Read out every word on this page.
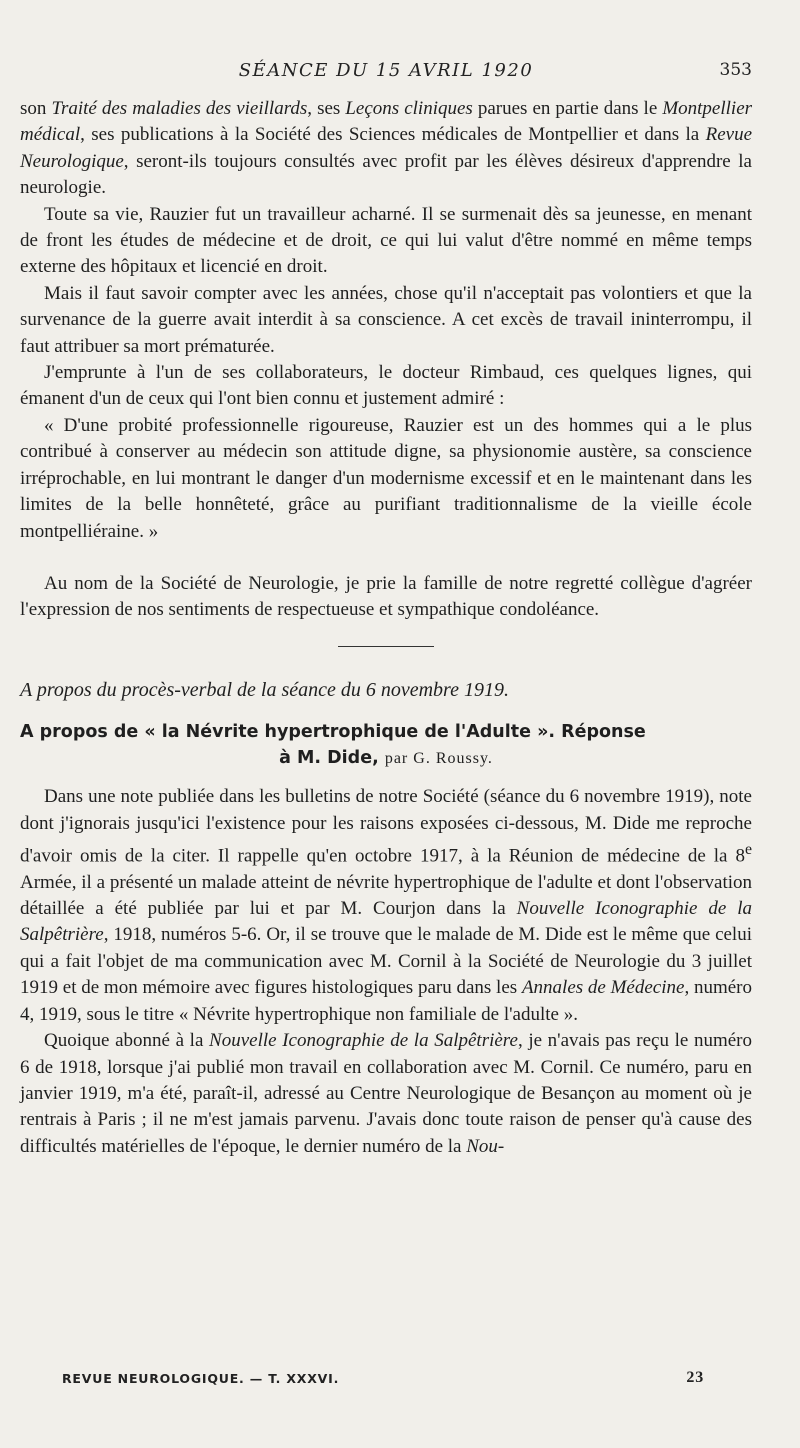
SÉANCE DU 15 AVRIL 1920	353

son Traité des maladies des vieillards, ses Leçons cliniques parues en partie dans le Montpellier médical, ses publications à la Société des Sciences médicales de Montpellier et dans la Revue Neurologique, seront-ils toujours consultés avec profit par les élèves désireux d'apprendre la neurologie.

Toute sa vie, Rauzier fut un travailleur acharné. Il se surmenait dès sa jeunesse, en menant de front les études de médecine et de droit, ce qui lui valut d'être nommé en même temps externe des hôpitaux et licencié en droit.

Mais il faut savoir compter avec les années, chose qu'il n'acceptait pas volontiers et que la survenance de la guerre avait interdit à sa conscience. A cet excès de travail ininterrompu, il faut attribuer sa mort prématurée.

J'emprunte à l'un de ses collaborateurs, le docteur Rimbaud, ces quelques lignes, qui émanent d'un de ceux qui l'ont bien connu et justement admiré :

« D'une probité professionnelle rigoureuse, Rauzier est un des hommes qui a le plus contribué à conserver au médecin son attitude digne, sa physionomie austère, sa conscience irréprochable, en lui montrant le danger d'un modernisme excessif et en le maintenant dans les limites de la belle honnêteté, grâce au purifiant traditionnalisme de la vieille école montpelliéraine. »

Au nom de la Société de Neurologie, je prie la famille de notre regretté collègue d'agréer l'expression de nos sentiments de respectueuse et sympathique condoléance.

A propos du procès-verbal de la séance du 6 novembre 1919.

A propos de « la Névrite hypertrophique de l'Adulte ». Réponse
à M. Dide, par G. Roussy.

Dans une note publiée dans les bulletins de notre Société (séance du 6 novembre 1919), note dont j'ignorais jusqu'ici l'existence pour les raisons exposées ci-dessous, M. Dide me reproche d'avoir omis de la citer. Il rappelle qu'en octobre 1917, à la Réunion de médecine de la 8e Armée, il a présenté un malade atteint de névrite hypertrophique de l'adulte et dont l'observation détaillée a été publiée par lui et par M. Courjon dans la Nouvelle Iconographie de la Salpêtrière, 1918, numéros 5-6. Or, il se trouve que le malade de M. Dide est le même que celui qui a fait l'objet de ma communication avec M. Cornil à la Société de Neurologie du 3 juillet 1919 et de mon mémoire avec figures histologiques paru dans les Annales de Médecine, numéro 4, 1919, sous le titre « Névrite hypertrophique non familiale de l'adulte ».

Quoique abonné à la Nouvelle Iconographie de la Salpêtrière, je n'avais pas reçu le numéro 6 de 1918, lorsque j'ai publié mon travail en collaboration avec M. Cornil. Ce numéro, paru en janvier 1919, m'a été, paraît-il, adressé au Centre Neurologique de Besançon au moment où je rentrais à Paris ; il ne m'est jamais parvenu. J'avais donc toute raison de penser qu'à cause des difficultés matérielles de l'époque, le dernier numéro de la Nou-

REVUE NEUROLOGIQUE. — T. XXXVI.	23
